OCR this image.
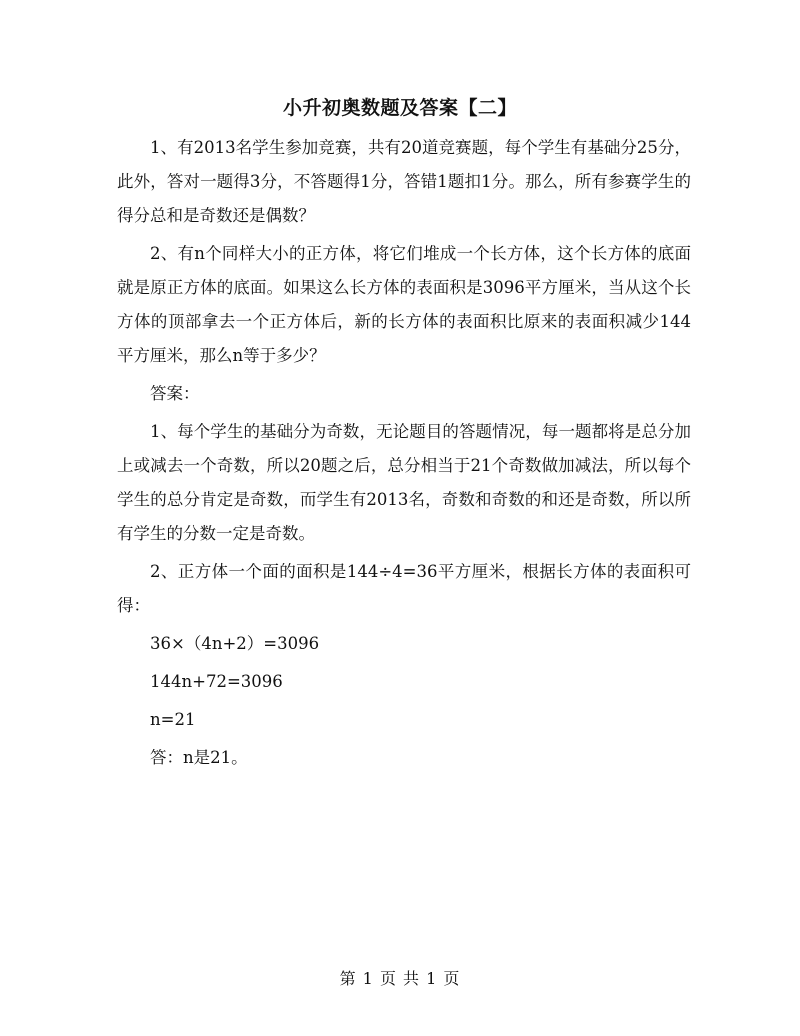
小升初奥数题及答案【二】

1、有2013名学生参加竞赛，共有20道竞赛题，每个学生有基础分25分，此外，答对一题得3分，不答题得1分，答错1题扣1分。那么，所有参赛学生的得分总和是奇数还是偶数？

2、有n个同样大小的正方体，将它们堆成一个长方体，这个长方体的底面就是原正方体的底面。如果这么长方体的表面积是3096平方厘米，当从这个长方体的顶部拿去一个正方体后，新的长方体的表面积比原来的表面积减少144平方厘米，那么n等于多少？

答案：

1、每个学生的基础分为奇数，无论题目的答题情况，每一题都将是总分加上或减去一个奇数，所以20题之后，总分相当于21个奇数做加减法，所以每个学生的总分肯定是奇数，而学生有2013名，奇数和奇数的和还是奇数，所以所有学生的分数一定是奇数。

2、正方体一个面的面积是144÷4=36平方厘米，根据长方体的表面积可得：

36×（4n+2）=3096

144n+72=3096

n=21

答：n是21。

第 1 页 共 1 页
